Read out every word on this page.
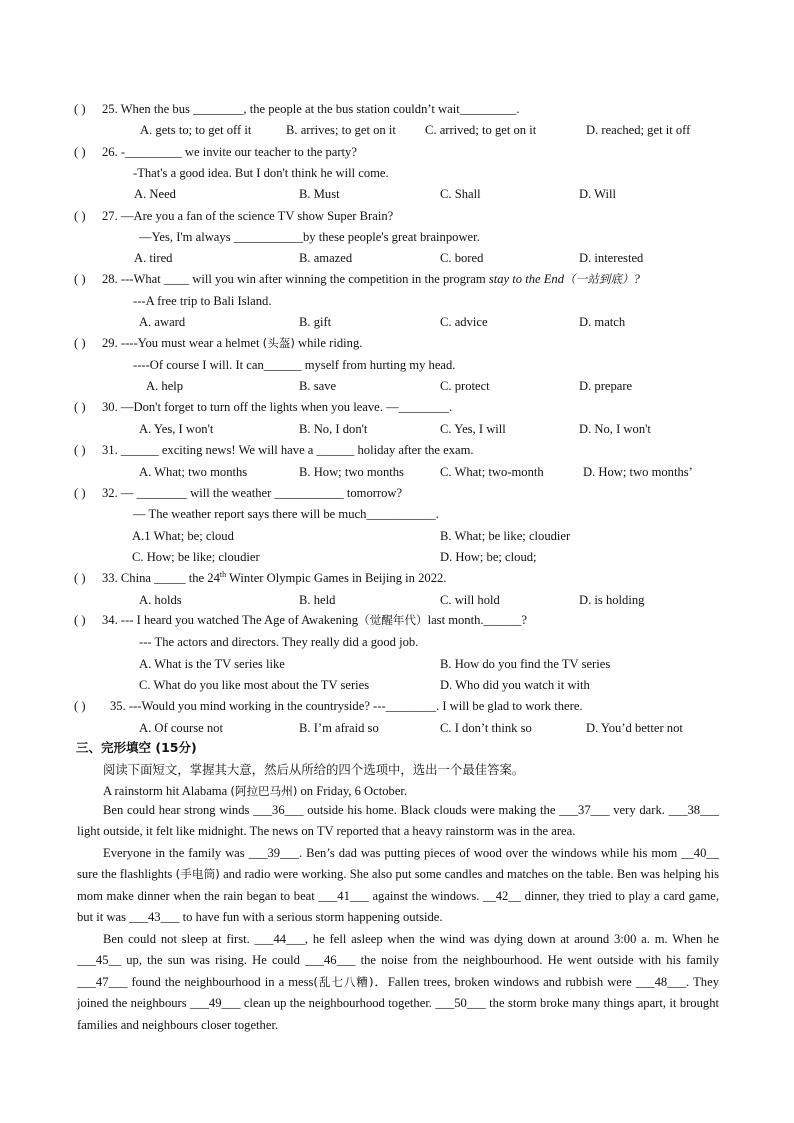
( ) 25. When the bus ________, the people at the bus station couldn’t wait_________.
A. gets to; to get off it	B. arrives; to get on it C. arrived; to get on it	D. reached; get it off
( ) 26. -_________ we invite our teacher to the party?
-That's a good idea. But I don't think he will come.
A. Need	B. Must	C. Shall	D. Will
( ) 27. —Are you a fan of the science TV show Super Brain?
—Yes, I'm always ___________by these people's great brainpower.
A. tired	B. amazed	C. bored	D. interested
( ) 28. ---What ____ will you win after winning the competition in the program stay to the End（一站到底）?
---A free trip to Bali Island.
A. award	B. gift	C. advice	D. match
( ) 29. ----You must wear a helmet (头盔) while riding.
----Of course I will. It can______ myself from hurting my head.
A. help	B. save	C. protect	D. prepare
( ) 30. —Don't forget to turn off the lights when you leave. —________.
A. Yes, I won't	B. No, I don't	C. Yes, I will	D. No, I won't
( ) 31. ______ exciting news! We will have a ______ holiday after the exam.
A. What; two months	B. How; two months	C. What; two-month	D. How; two months’
( ) 32. — ________ will the weather ___________ tomorrow?
— The weather report says there will be much___________.
A.1 What; be; cloud	B. What; be like; cloudier
C. How; be like; cloudier	D. How; be; cloud;
( ) 33. China _____ the 24th Winter Olympic Games in Beijing in 2022.
A. holds	B. held	C. will hold	D. is holding
( ) 34. --- I heard you watched The Age of Awakening（觉醒年代）last month.______?
--- The actors and directors. They really did a good job.
A. What is the TV series like	B. How do you find the TV series
C. What do you like most about the TV series	D. Who did you watch it with
( ) 35. ---Would you mind working in the countryside? ---________. I will be glad to work there.
A. Of course not	B. I’m afraid so	C. I don’t think so	D. You’d better not
三、完形填空 (15分)
阅读下面短文，掌握其大意，然后从所给的四个选项中，选出一个最佳答案。
A rainstorm hit Alabama (阿拉巴马州) on Friday, 6 October.
Ben could hear strong winds ___36___ outside his home. Black clouds were making the ___37___ very dark. ___38___ light outside, it felt like midnight. The news on TV reported that a heavy rainstorm was in the area.
Everyone in the family was ___39___. Ben’s dad was putting pieces of wood over the windows while his mom __40__ sure the flashlights (手电筒) and radio were working. She also put some candles and matches on the table. Ben was helping his mom make dinner when the rain began to beat ___41___ against the windows. __42__ dinner, they tried to play a card game, but it was ___43___ to have fun with a serious storm happening outside.
Ben could not sleep at first. ___44___, he fell asleep when the wind was dying down at around 3:00 a. m. When he ___45__ up, the sun was rising. He could ___46___ the noise from the neighbourhood. He went outside with his family ___47___ found the neighbourhood in a mess(乱七八糟)．Fallen trees, broken windows and rubbish were ___48___. They joined the neighbours ___49___ clean up the neighbourhood together. ___50___ the storm broke many things apart, it brought families and neighbours closer together.
